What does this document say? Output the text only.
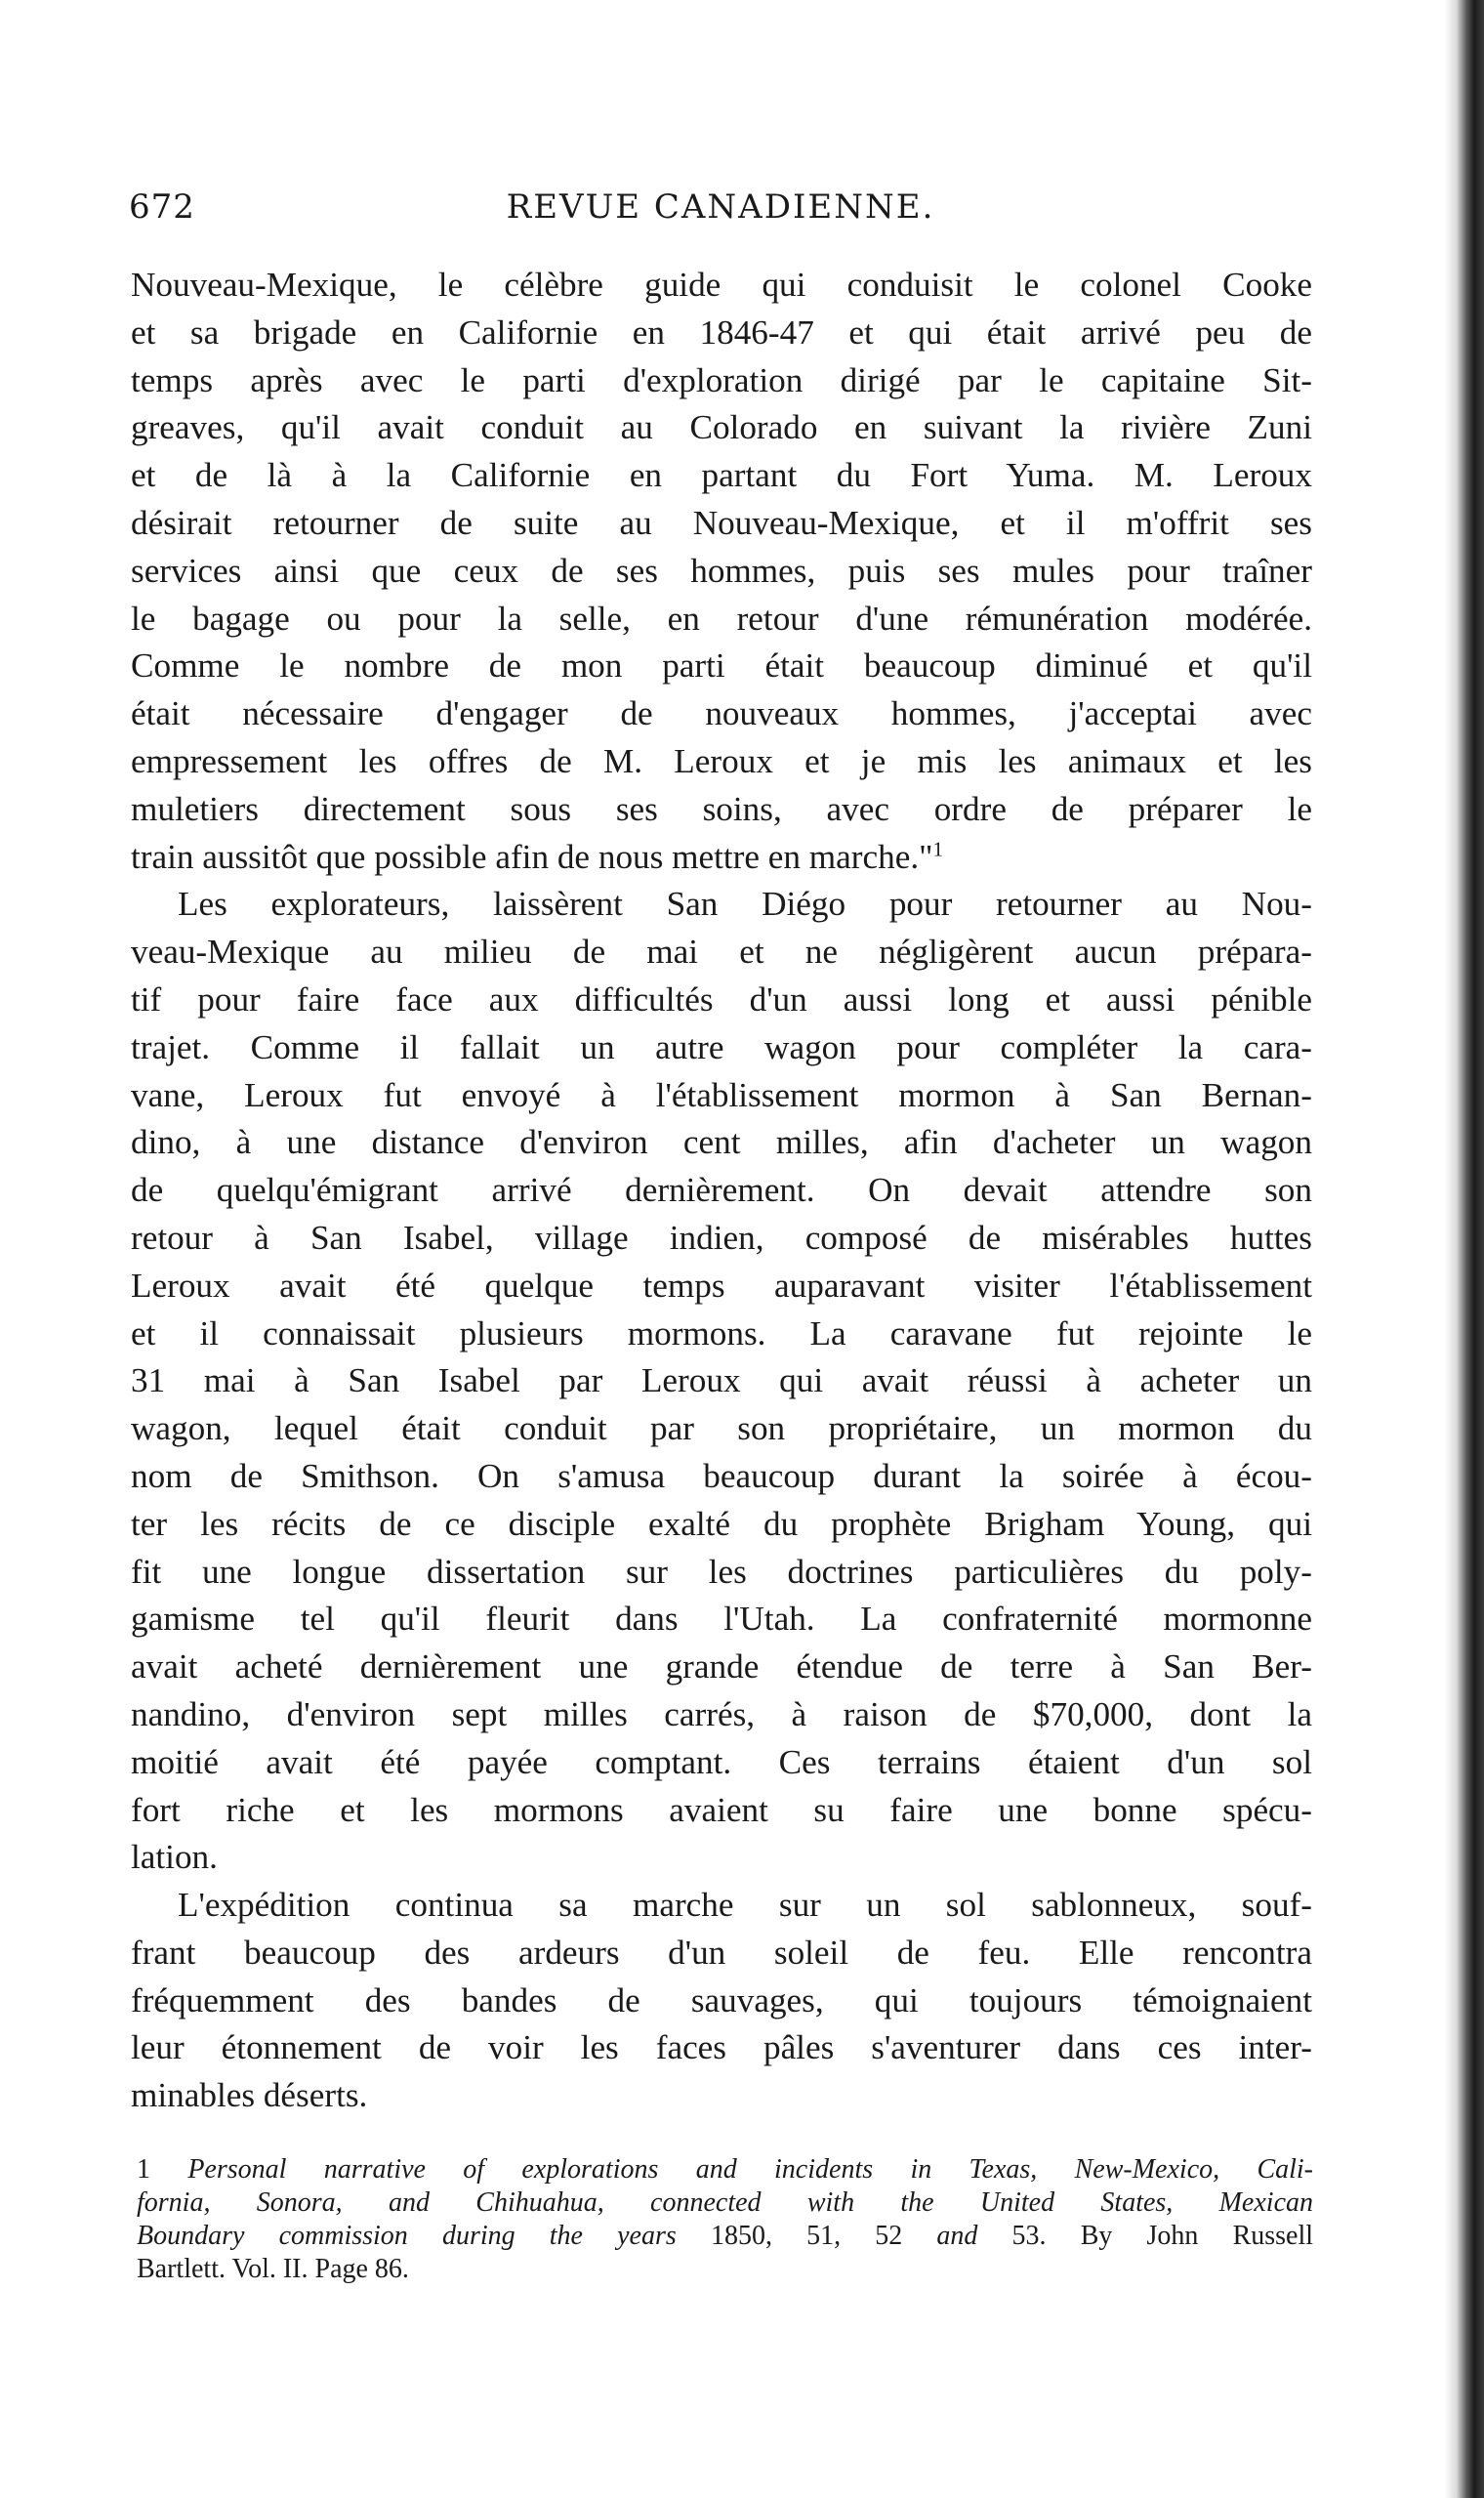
672	REVUE CANADIENNE.
Nouveau-Mexique, le célèbre guide qui conduisit le colonel Cooke
et sa brigade en Californie en 1846-47 et qui était arrivé peu de
temps après avec le parti d'exploration dirigé par le capitaine Sit-
greaves, qu'il avait conduit au Colorado en suivant la rivière Zuni
et de là à la Californie en partant du Fort Yuma. M. Leroux
désirait retourner de suite au Nouveau-Mexique, et il m'offrit ses
services ainsi que ceux de ses hommes, puis ses mules pour traîner
le bagage ou pour la selle, en retour d'une rémunération modérée.
Comme le nombre de mon parti était beaucoup diminué et qu'il
était nécessaire d'engager de nouveaux hommes, j'acceptai avec
empressement les offres de M. Leroux et je mis les animaux et les
muletiers directement sous ses soins, avec ordre de préparer le
train aussitôt que possible afin de nous mettre en marche."$^1$
Les explorateurs, laissèrent San Diégo pour retourner au Nou-
veau-Mexique au milieu de mai et ne négligèrent aucun prépara-
tif pour faire face aux difficultés d'un aussi long et aussi pénible
trajet. Comme il fallait un autre wagon pour compléter la cara-
vane, Leroux fut envoyé à l'établissement mormon à San Bernan-
dino, à une distance d'environ cent milles, afin d'acheter un wagon
de quelqu'émigrant arrivé dernièrement. On devait attendre son
retour à San Isabel, village indien, composé de misérables huttes
Leroux avait été quelque temps auparavant visiter l'établissement
et il connaissait plusieurs mormons. La caravane fut rejointe le
31 mai à San Isabel par Leroux qui avait réussi à acheter un
wagon, lequel était conduit par son propriétaire, un mormon du
nom de Smithson. On s'amusa beaucoup durant la soirée à écou-
ter les récits de ce disciple exalté du prophète Brigham Young, qui
fit une longue dissertation sur les doctrines particulières du poly-
gamisme tel qu'il fleurit dans l'Utah. La confraternité mormonne
avait acheté dernièrement une grande étendue de terre à San Ber-
nandino, d'environ sept milles carrés, à raison de $70,000, dont la
moitié avait été payée comptant. Ces terrains étaient d'un sol
fort riche et les mormons avaient su faire une bonne spécu-
lation.
L'expédition continua sa marche sur un sol sablonneux, souf-
frant beaucoup des ardeurs d'un soleil de feu. Elle rencontra
fréquemment des bandes de sauvages, qui toujours témoignaient
leur étonnement de voir les faces pâles s'aventurer dans ces inter-
minables déserts.
1 Personal narrative of explorations and incidents in Texas, New-Mexico, Cali-
fornia, Sonora, and Chihuahua, connected with the United States, Mexican
Boundary commission during the years 1850, 51, 52 and 53. By John Russell
Bartlett. Vol. II. Page 86.
